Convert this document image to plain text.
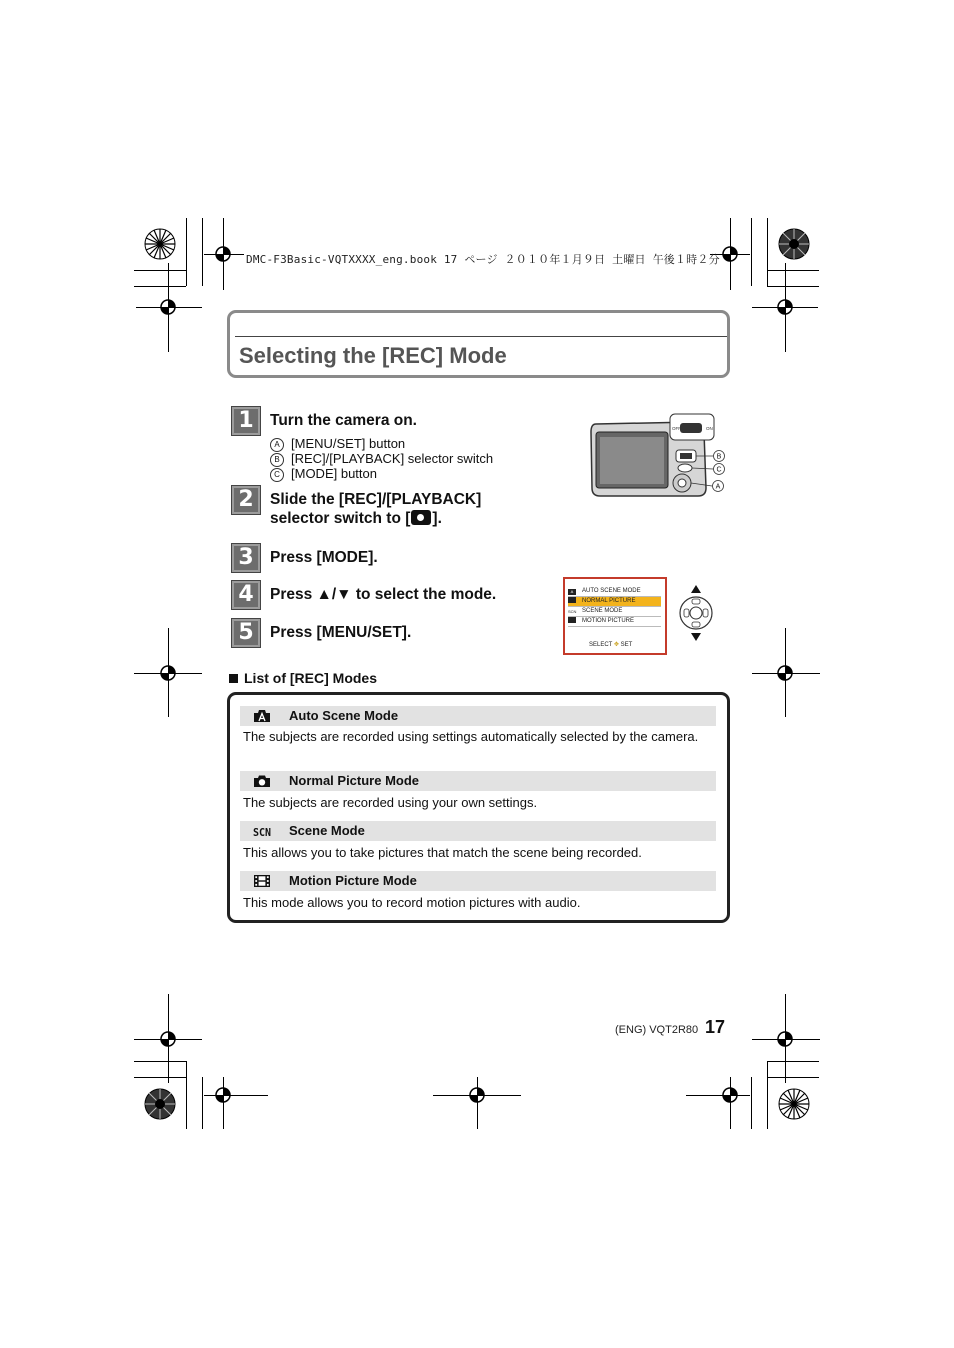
DMC-F3Basic-VQTXXXX_eng.book 17 ページ ２０１０年１月９日 土曜日 午後１時２分
Selecting the [REC] Mode
1	Turn the camera on.
A [MENU/SET] button
B [REC]/[PLAYBACK] selector switch
C [MODE] button
2	Slide the [REC]/[PLAYBACK] selector switch to [ ].
3	Press [MODE].
4	Press ▲/▼ to select the mode.
5	Press [MENU/SET].
OFF	ON
B
C
A
A AUTO SCENE MODE
NORMAL PICTURE
SCN SCENE MODE
MOTION PICTURE
SELECT ✥ SET
List of [REC] Modes
Auto Scene Mode
The subjects are recorded using settings automatically selected by the camera.
Normal Picture Mode
The subjects are recorded using your own settings.
SCN Scene Mode
This allows you to take pictures that match the scene being recorded.
Motion Picture Mode
This mode allows you to record motion pictures with audio.
(ENG) VQT2R80 17
